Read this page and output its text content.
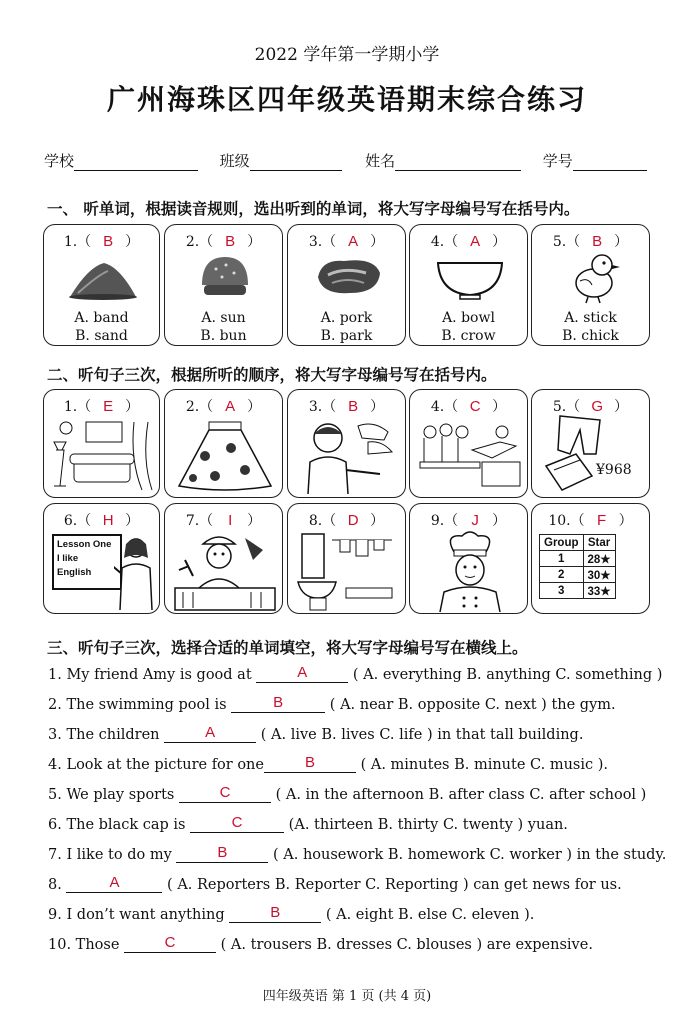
2022 学年第一学期小学
广州海珠区四年级英语期末综合练习
学校	班级	姓名	学号
一、 听单词，根据读音规则，选出听到的单词，将大写字母编号写在括号内。
1.（ B ）
A. band
B. sand
2.（ B ）
A. sun
B. bun
3.（ A ）
A. pork
B. park
4.（ A ）
A. bowl
B. crow
5.（ B ）
A. stick
B. chick
二、听句子三次，根据所听的顺序，将大写字母编号写在括号内。
1.（ E ）	2.（ A ）	3.（ B ）	4.（ C ）	5.（ G ）
¥968
6.（ H ）
Lesson One
I like
English
7.（ I ）	8.（ D ）	9.（ J ）	10.（ F ）
Group	Star
1	28★
2	30★
3	33★
三、听句子三次，选择合适的单词填空，将大写字母编号写在横线上。
1. My friend Amy is good at	A	( A. everything B. anything C. something )
2. The swimming pool is	B	( A. near B. opposite C. next ) the gym.
3. The children	A	( A. live B. lives C. life ) in that tall building.
4. Look at the picture for one	B	( A. minutes B. minute C. music ).
5. We play sports	C	( A. in the afternoon B. after class C. after school )
6. The black cap is	C	(A. thirteen B. thirty C. twenty ) yuan.
7. I like to do my	B	( A. housework B. homework C. worker ) in the study.
8.	A	( A. Reporters B. Reporter C. Reporting ) can get news for us.
9. I don’t want anything	B	( A. eight B. else C. eleven ).
10. Those	C	( A. trousers B. dresses C. blouses ) are expensive.
四年级英语 第 1 页 (共 4 页)
